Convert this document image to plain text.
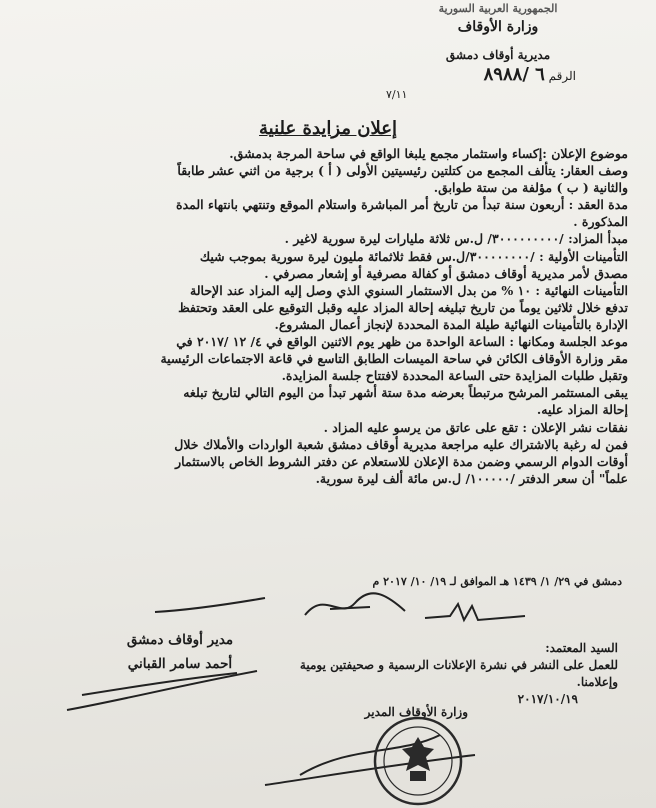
الجمهورية العربية السورية
وزارة الأوقاف
مديرية أوقاف دمشق
الرقم ٦ /٨٩٨٨
٧/١١
إعلان مزايدة علنية

موضوع الإعلان :إكساء واستثمار مجمع يلبغا الواقع في ساحة المرجة بدمشق.

وصف العقار: يتألف المجمع من كتلتين رئيسيتين الأولى ( أ ) برجية من اثني عشر طابقاً

والثانية ( ب ) مؤلفة من ستة طوابق.

مدة العقد : أربعون سنة تبدأ من تاريخ أمر المباشرة واستلام الموقع وتنتهي بانتهاء المدة

المذكورة .

مبدأ المزاد: /٣٠٠٠٠٠٠٠٠٠/ ل.س ثلاثة مليارات ليرة سورية لاغير .

التأمينات الأولية : /٣٠٠٠٠٠٠٠٠/ل.س فقط ثلاثمائة مليون ليرة سورية بموجب شيك

مصدق لأمر مديرية أوقاف دمشق أو كفالة مصرفية أو إشعار مصرفي .

التأمينات النهائية : ١٠ % من بدل الاستثمار السنوي الذي وصل إليه المزاد عند الإحالة

تدفع خلال ثلاثين يوماً من تاريخ تبليغه إحالة المزاد عليه وقبل التوقيع على العقد وتحتفظ

الإدارة بالتأمينات النهائية طيلة المدة المحددة لإنجاز أعمال المشروع.

موعد الجلسة ومكانها : الساعة الواحدة من ظهر يوم الاثنين الواقع في ٤/ ١٢ /٢٠١٧ في

مقر وزارة الأوقاف الكائن في ساحة الميسات الطابق التاسع في قاعة الاجتماعات الرئيسية

وتقبل طلبات المزايدة حتى الساعة المحددة لافتتاح جلسة المزايدة.

يبقى المستثمر المرشح مرتبطاً بعرضه مدة ستة أشهر تبدأ من اليوم التالي لتاريخ تبلغه

إحالة المزاد عليه.

نفقات نشر الإعلان : تقع على عاتق من يرسو عليه المزاد .

فمن له رغبة بالاشتراك عليه مراجعة مديرية أوقاف دمشق شعبة الواردات والأملاك خلال

أوقات الدوام الرسمي وضمن مدة الإعلان للاستعلام عن دفتر الشروط الخاص بالاستثمار

علماً" أن سعر الدفتر /١٠٠٠٠٠/ ل.س مائة ألف ليرة سورية.

دمشق في ٢٩/ ١/ ١٤٣٩ هـ الموافق لـ ١٩/ ١٠/ ٢٠١٧ م
مدير أوقاف دمشق
أحمد سامر القباني
السيد المعتمد:
للعمل على النشر في نشرة الإعلانات الرسمية و صحيفتين يومية وإعلامنا.
٢٠١٧/١٠/١٩
وزارة الأوقاف المدير
